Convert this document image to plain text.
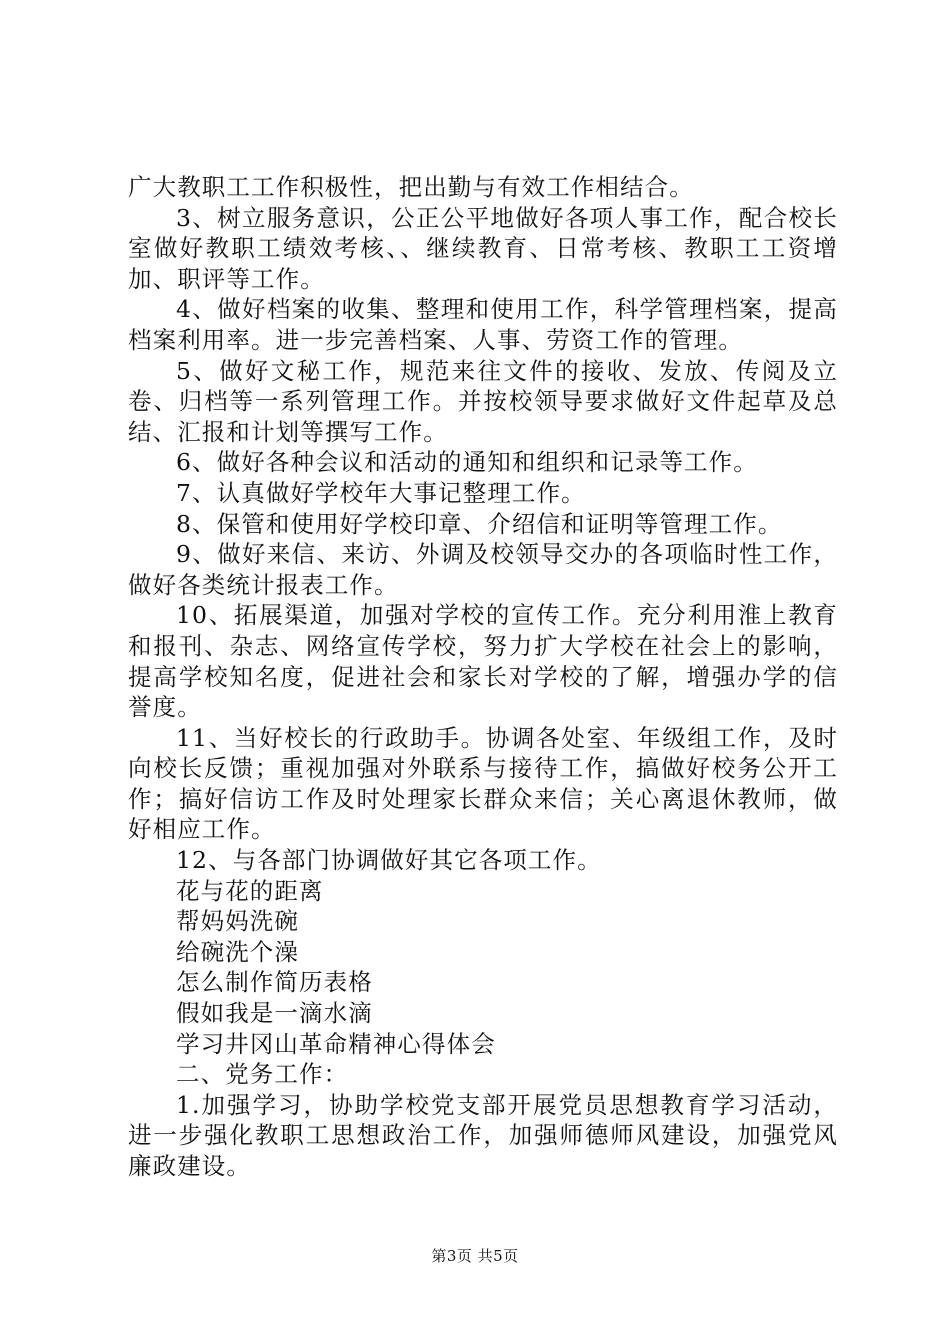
广大教职工工作积极性，把出勤与有效工作相结合。

3、树立服务意识，公正公平地做好各项人事工作，配合校长室做好教职工绩效考核、、继续教育、日常考核、教职工工资增加、职评等工作。

4、做好档案的收集、整理和使用工作，科学管理档案，提高档案利用率。进一步完善档案、人事、劳资工作的管理。

5、做好文秘工作，规范来往文件的接收、发放、传阅及立卷、归档等一系列管理工作。并按校领导要求做好文件起草及总结、汇报和计划等撰写工作。

6、做好各种会议和活动的通知和组织和记录等工作。

7、认真做好学校年大事记整理工作。

8、保管和使用好学校印章、介绍信和证明等管理工作。

9、做好来信、来访、外调及校领导交办的各项临时性工作，做好各类统计报表工作。

10、拓展渠道，加强对学校的宣传工作。充分利用淮上教育和报刊、杂志、网络宣传学校，努力扩大学校在社会上的影响，提高学校知名度，促进社会和家长对学校的了解，增强办学的信誉度。

11、当好校长的行政助手。协调各处室、年级组工作，及时向校长反馈；重视加强对外联系与接待工作，搞做好校务公开工作；搞好信访工作及时处理家长群众来信；关心离退休教师，做好相应工作。

12、与各部门协调做好其它各项工作。

花与花的距离

帮妈妈洗碗

给碗洗个澡

怎么制作简历表格

假如我是一滴水滴

学习井冈山革命精神心得体会

二、党务工作：

1.加强学习，协助学校党支部开展党员思想教育学习活动，进一步强化教职工思想政治工作，加强师德师风建设，加强党风廉政建设。

第3页 共5页
